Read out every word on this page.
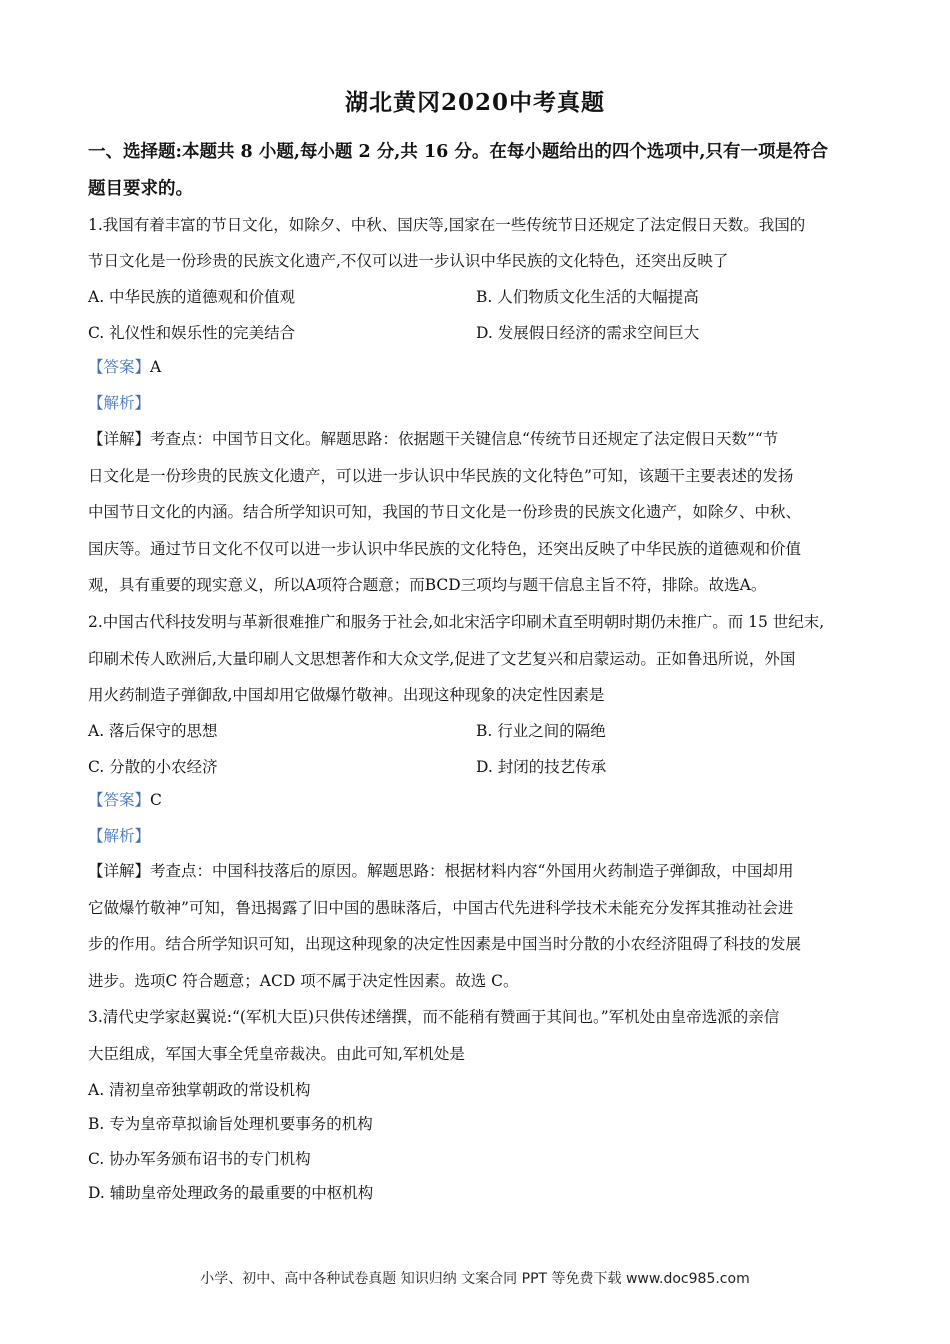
湖北黄冈2020中考真题
一、选择题:本题共 8 小题,每小题 2 分,共 16 分。在每小题给出的四个选项中,只有一项是符合
题目要求的。
1.我国有着丰富的节日文化，如除夕、中秋、国庆等,国家在一些传统节日还规定了法定假日天数。我国的
节日文化是一份珍贵的民族文化遗产,不仅可以进一步认识中华民族的文化特色，还突出反映了
A. 中华民族的道德观和价值观	B. 人们物质文化生活的大幅提高
C. 礼仪性和娱乐性的完美结合	D. 发展假日经济的需求空间巨大
【答案】A
【解析】
【详解】考查点：中国节日文化。解题思路：依据题干关键信息“传统节日还规定了法定假日天数”“节
日文化是一份珍贵的民族文化遗产，可以进一步认识中华民族的文化特色”可知，该题干主要表述的发扬
中国节日文化的内涵。结合所学知识可知，我国的节日文化是一份珍贵的民族文化遗产，如除夕、中秋、
国庆等。通过节日文化不仅可以进一步认识中华民族的文化特色，还突出反映了中华民族的道德观和价值
观，具有重要的现实意义，所以A项符合题意；而BCD三项均与题干信息主旨不符，排除。故选A。
2.中国古代科技发明与革新很难推广和服务于社会,如北宋活字印刷术直至明朝时期仍未推广。而 15 世纪末,
印刷术传人欧洲后,大量印刷人文思想著作和大众文学,促进了文艺复兴和启蒙运动。正如鲁迅所说，外国
用火药制造子弹御敌,中国却用它做爆竹敬神。出现这种现象的决定性因素是
A. 落后保守的思想	B. 行业之间的隔绝
C. 分散的小农经济	D. 封闭的技艺传承
【答案】C
【解析】
【详解】考查点：中国科技落后的原因。解题思路：根据材料内容“外国用火药制造子弹御敌，中国却用
它做爆竹敬神”可知，鲁迅揭露了旧中国的愚昧落后，中国古代先进科学技术未能充分发挥其推动社会进
步的作用。结合所学知识可知，出现这种现象的决定性因素是中国当时分散的小农经济阻碍了科技的发展
进步。选项C 符合题意；ACD 项不属于决定性因素。故选 C。
3.清代史学家赵翼说:“(军机大臣)只供传述缮撰，而不能稍有赞画于其间也。”军机处由皇帝选派的亲信
大臣组成，军国大事全凭皇帝裁决。由此可知,军机处是
A. 清初皇帝独掌朝政的常设机构
B. 专为皇帝草拟谕旨处理机要事务的机构
C. 协办军务颁布诏书的专门机构
D. 辅助皇帝处理政务的最重要的中枢机构
小学、初中、高中各种试卷真题 知识归纳 文案合同 PPT 等免费下载 www.doc985.com
